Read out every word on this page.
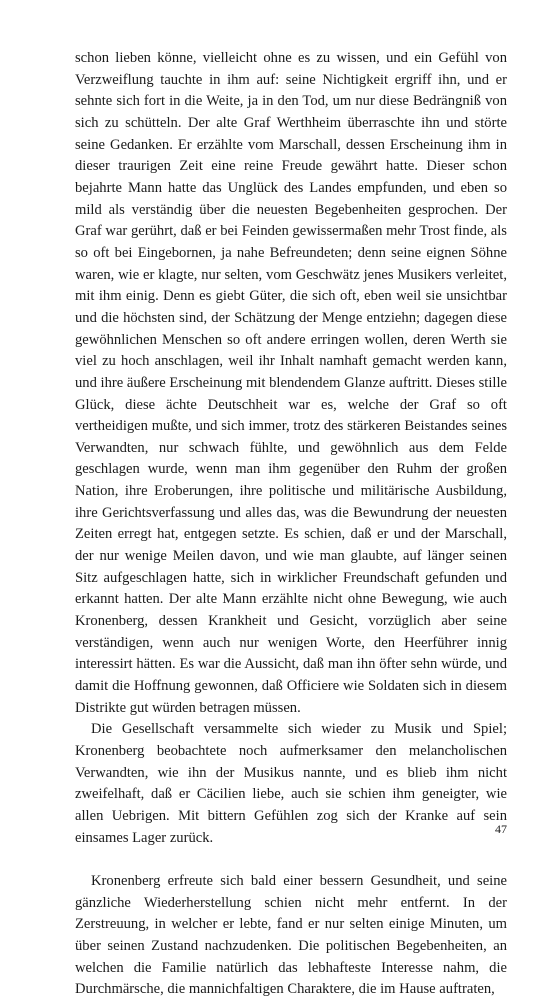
schon lieben könne, vielleicht ohne es zu wissen, und ein Gefühl von Verzweiflung tauchte in ihm auf: seine Nichtigkeit ergriff ihn, und er sehnte sich fort in die Weite, ja in den Tod, um nur diese Bedrängniß von sich zu schütteln. Der alte Graf Werthheim überraschte ihn und störte seine Gedanken. Er erzählte vom Marschall, dessen Erscheinung ihm in dieser traurigen Zeit eine reine Freude gewährt hatte. Dieser schon bejahrte Mann hatte das Unglück des Landes empfunden, und eben so mild als verständig über die neuesten Begebenheiten gesprochen. Der Graf war gerührt, daß er bei Feinden gewissermaßen mehr Trost finde, als so oft bei Eingebornen, ja nahe Befreundeten; denn seine eignen Söhne waren, wie er klagte, nur selten, vom Geschwätz jenes Musikers verleitet, mit ihm einig. Denn es giebt Güter, die sich oft, eben weil sie unsichtbar und die höchsten sind, der Schätzung der Menge entziehn; dagegen diese gewöhnlichen Menschen so oft andere erringen wollen, deren Werth sie viel zu hoch anschlagen, weil ihr Inhalt namhaft gemacht werden kann, und ihre äußere Erscheinung mit blendendem Glanze auftritt. Dieses stille Glück, diese ächte Deutschheit war es, welche der Graf so oft vertheidigen mußte, und sich immer, trotz des stärkeren Beistandes seines Verwandten, nur schwach fühlte, und gewöhnlich aus dem Felde geschlagen wurde, wenn man ihm gegenüber den Ruhm der großen Nation, ihre Eroberungen, ihre politische und militärische Ausbildung, ihre Gerichtsverfassung und alles das, was die Bewundrung der neuesten Zeiten erregt hat, entgegen setzte. Es schien, daß er und der Marschall, der nur wenige Meilen davon, und wie man glaubte, auf länger seinen Sitz aufgeschlagen hatte, sich in wirklicher Freundschaft gefunden und erkannt hatten. Der alte Mann erzählte nicht ohne Bewegung, wie auch Kronenberg, dessen Krankheit und Gesicht, vorzüglich aber seine verständigen, wenn auch nur wenigen Worte, den Heerführer innig interessirt hätten. Es war die Aussicht, daß man ihn öfter sehn würde, und damit die Hoffnung gewonnen, daß Officiere wie Soldaten sich in diesem Distrikte gut würden betragen müssen.

Die Gesellschaft versammelte sich wieder zu Musik und Spiel; Kronenberg beobachtete noch aufmerksamer den melancholischen Verwandten, wie ihn der Musikus nannte, und es blieb ihm nicht zweifelhaft, daß er Cäcilien liebe, auch sie schien ihm geneigter, wie allen Uebrigen. Mit bittern Gefühlen zog sich der Kranke auf sein einsames Lager zurück.

Kronenberg erfreute sich bald einer bessern Gesundheit, und seine gänzliche Wiederherstellung schien nicht mehr entfernt. In der Zerstreuung, in welcher er lebte, fand er nur selten einige Minuten, um über seinen Zustand nachzudenken. Die politischen Begebenheiten, an welchen die Familie natürlich das lebhafteste Interesse nahm, die Durchmärsche, die mannichfaltigen Charaktere, die im Hause auftraten,

47
